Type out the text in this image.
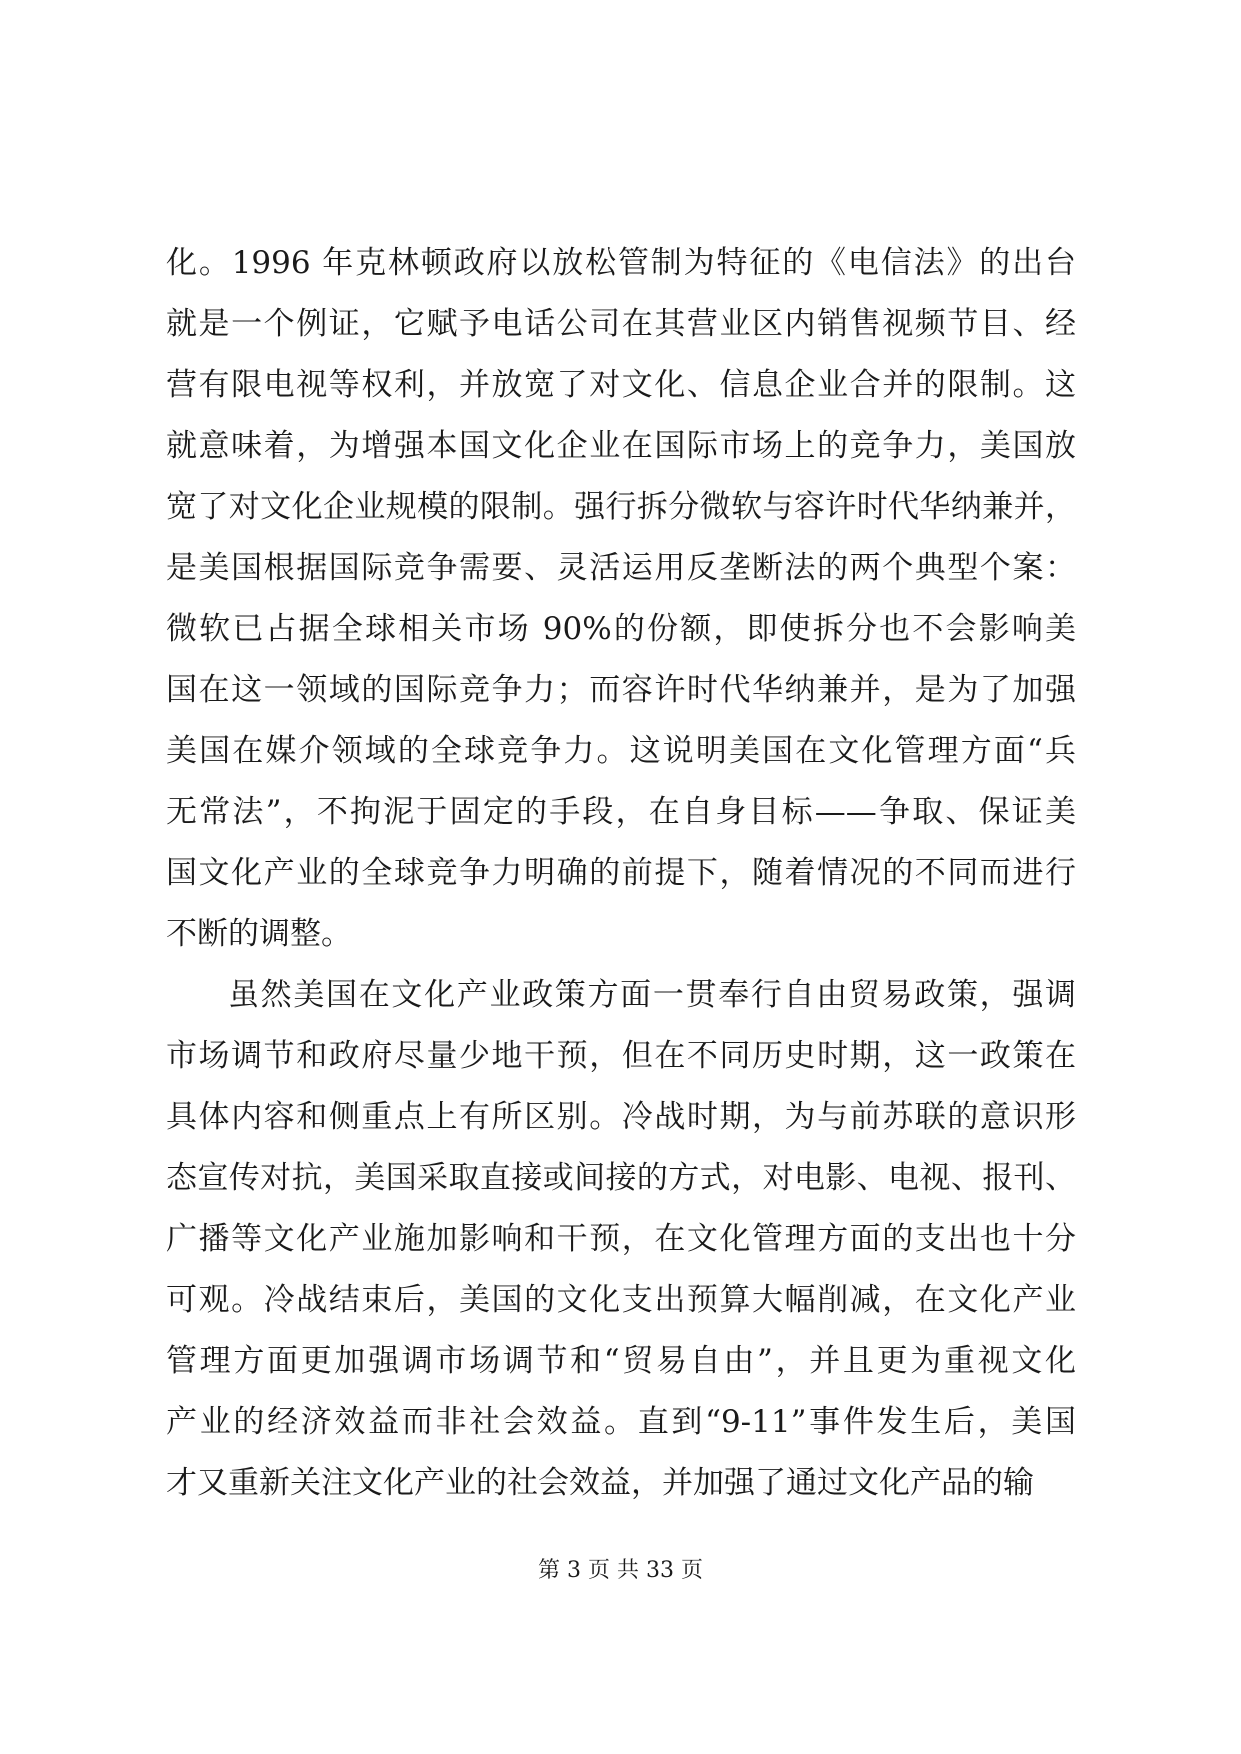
化。1996 年克林顿政府以放松管制为特征的《电信法》的出台
就是一个例证，它赋予电话公司在其营业区内销售视频节目、经
营有限电视等权利，并放宽了对文化、信息企业合并的限制。这
就意味着，为增强本国文化企业在国际市场上的竞争力，美国放
宽了对文化企业规模的限制。强行拆分微软与容许时代华纳兼并，
是美国根据国际竞争需要、灵活运用反垄断法的两个典型个案：
微软已占据全球相关市场 90%的份额，即使拆分也不会影响美
国在这一领域的国际竞争力；而容许时代华纳兼并，是为了加强
美国在媒介领域的全球竞争力。这说明美国在文化管理方面“兵
无常法”，不拘泥于固定的手段，在自身目标——争取、保证美
国文化产业的全球竞争力明确的前提下，随着情况的不同而进行
不断的调整。
虽然美国在文化产业政策方面一贯奉行自由贸易政策，强调
市场调节和政府尽量少地干预，但在不同历史时期，这一政策在
具体内容和侧重点上有所区别。冷战时期，为与前苏联的意识形
态宣传对抗，美国采取直接或间接的方式，对电影、电视、报刊、
广播等文化产业施加影响和干预，在文化管理方面的支出也十分
可观。冷战结束后，美国的文化支出预算大幅削减，在文化产业
管理方面更加强调市场调节和“贸易自由”，并且更为重视文化
产业的经济效益而非社会效益。直到“9-11”事件发生后，美国
才又重新关注文化产业的社会效益，并加强了通过文化产品的输
第 3 页 共 33 页
